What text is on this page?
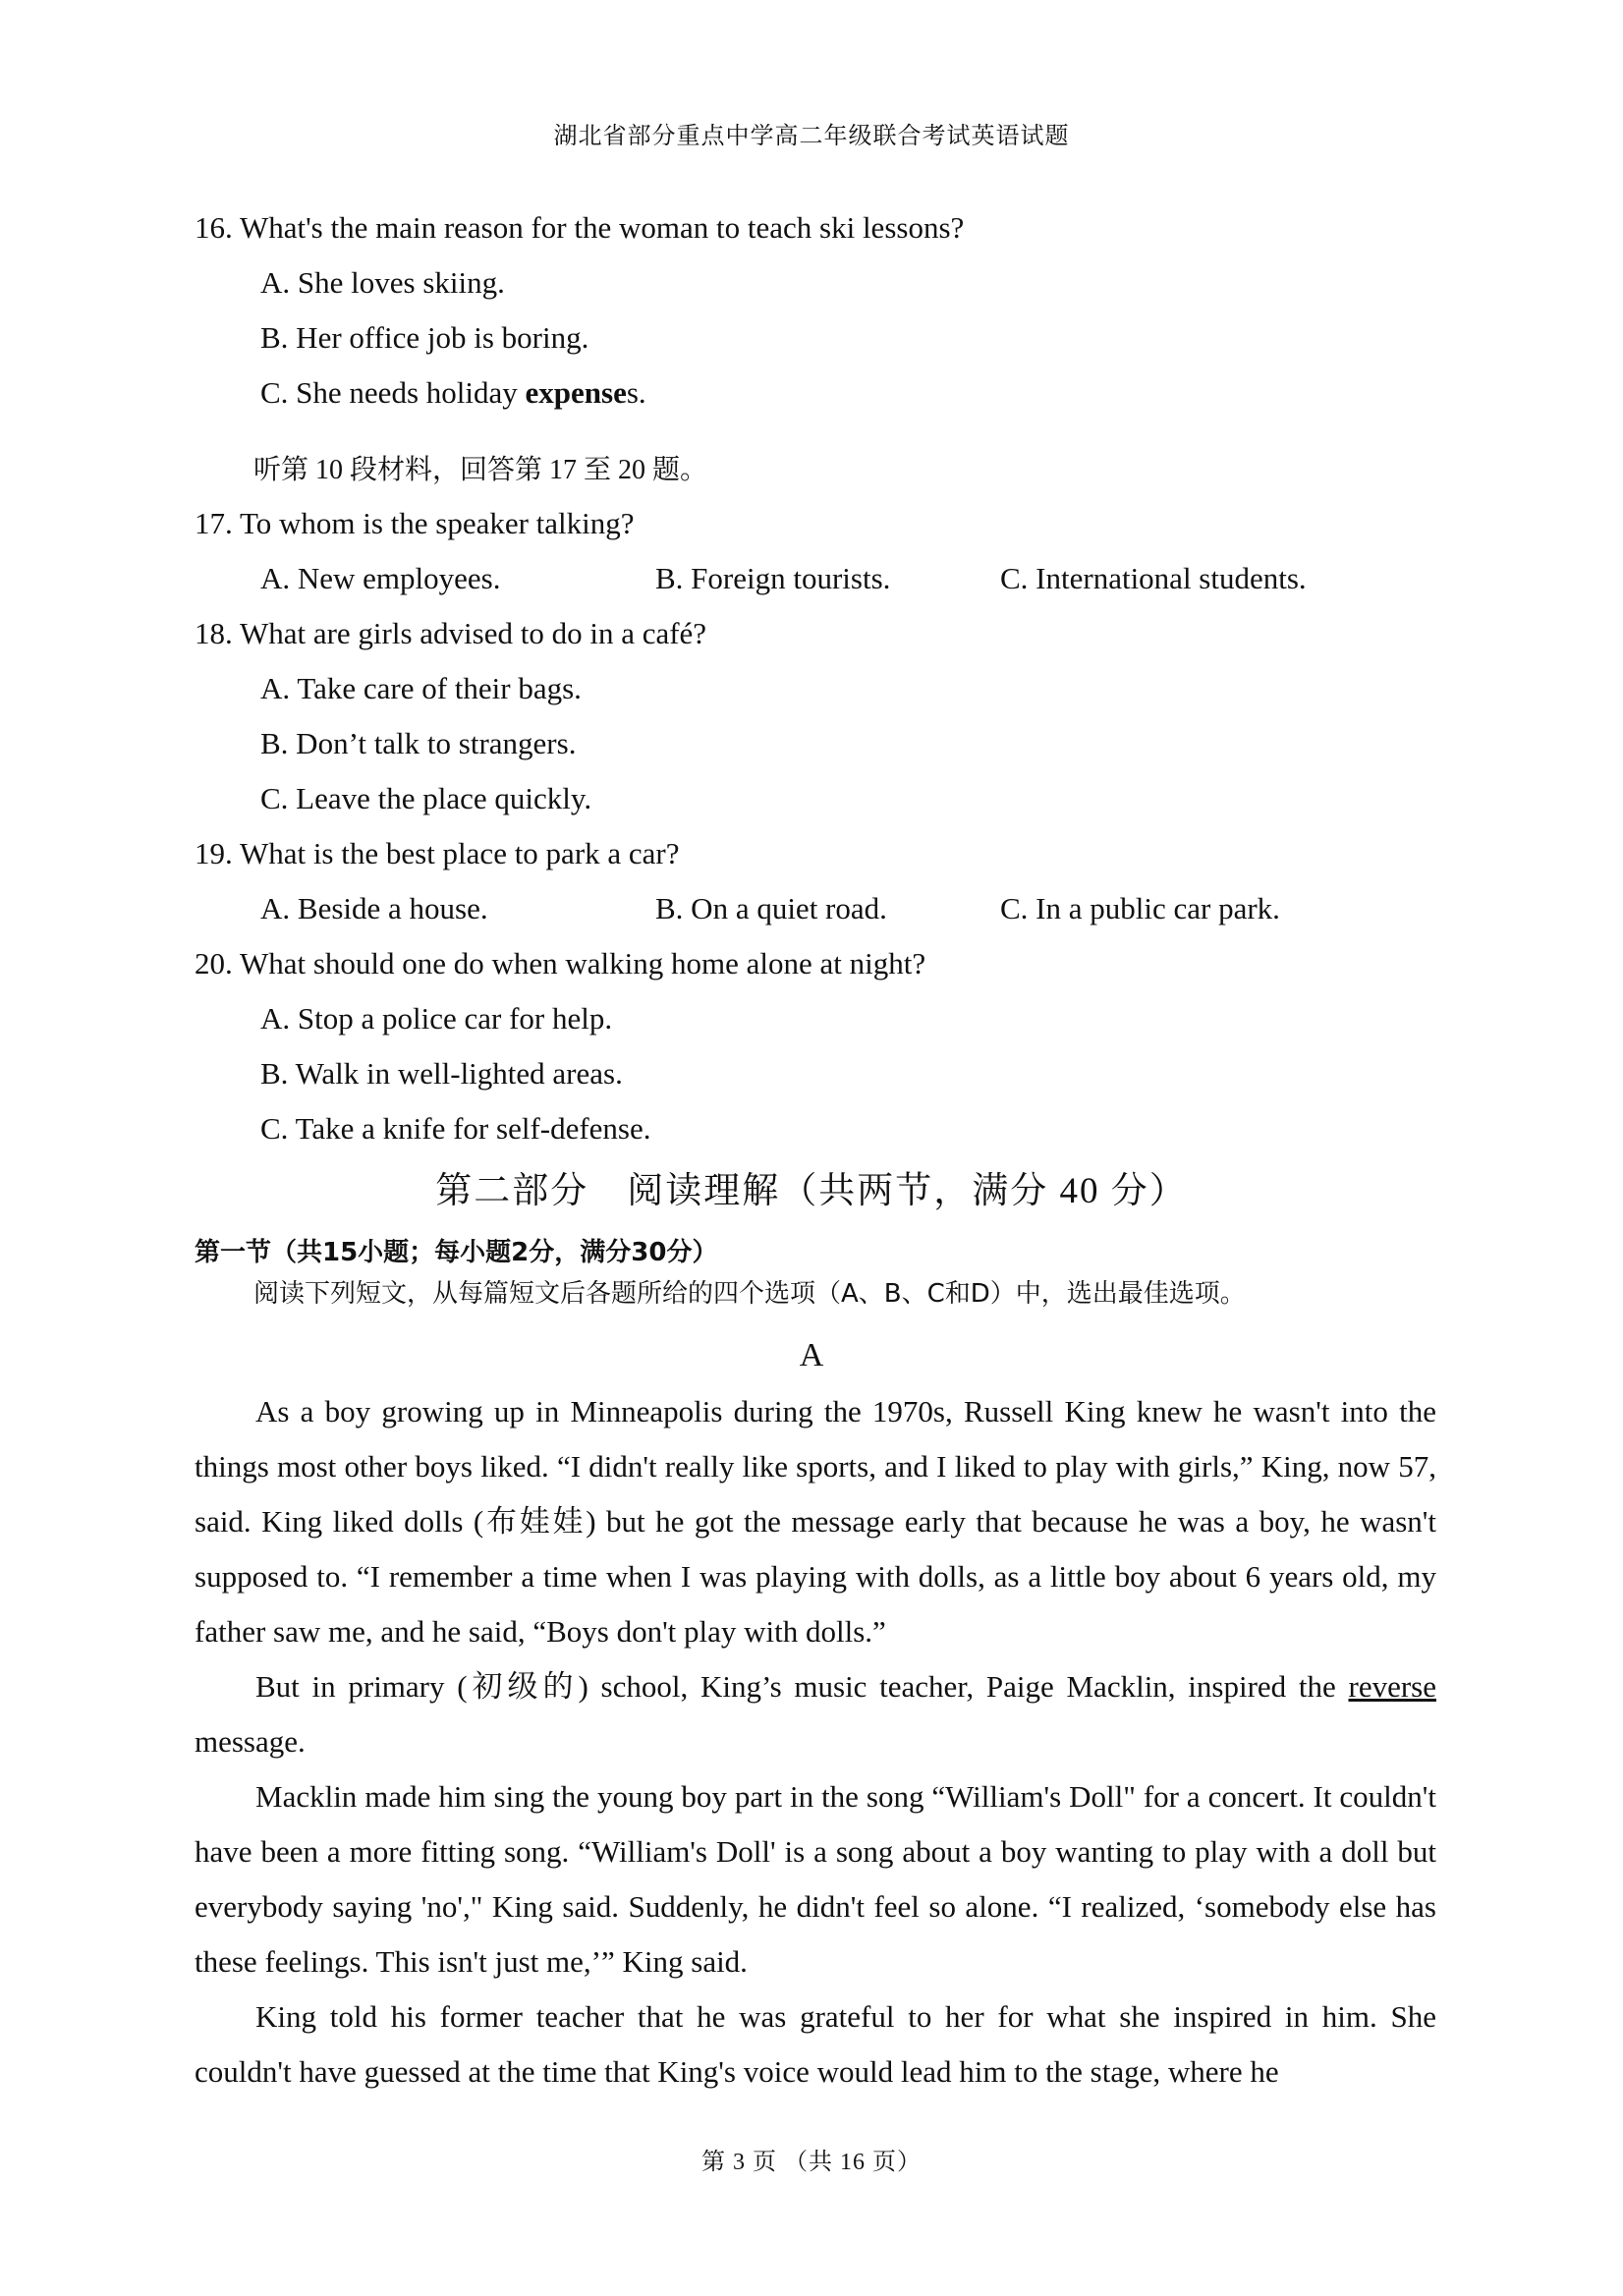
湖北省部分重点中学高二年级联合考试英语试题
16. What's the main reason for the woman to teach ski lessons?
A. She loves skiing.
B. Her office job is boring.
C. She needs holiday expenses.
听第 10 段材料，回答第 17 至 20 题。
17. To whom is the speaker talking?
A. New employees.	B. Foreign tourists.	C. International students.
18. What are girls advised to do in a café?
A. Take care of their bags.
B. Don’t talk to strangers.
C. Leave the place quickly.
19. What is the best place to park a car?
A. Beside a house.	B. On a quiet road.	C. In a public car park.
20. What should one do when walking home alone at night?
A. Stop a police car for help.
B. Walk in well-lighted areas.
C. Take a knife for self-defense.
第二部分　阅读理解（共两节，满分 40 分）
第一节（共15小题；每小题2分，满分30分）
阅读下列短文，从每篇短文后各题所给的四个选项（A、B、C和D）中，选出最佳选项。
A

As a boy growing up in Minneapolis during the 1970s, Russell King knew he wasn't into the things most other boys liked. “I didn't really like sports, and I liked to play with girls,” King, now 57, said. King liked dolls (布娃娃) but he got the message early that because he was a boy, he wasn't supposed to. “I remember a time when I was playing with dolls, as a little boy about 6 years old, my father saw me, and he said, “Boys don't play with dolls.”

But in primary (初级的) school, King’s music teacher, Paige Macklin, inspired the reverse message.

Macklin made him sing the young boy part in the song “William's Doll" for a concert. It couldn't have been a more fitting song. “William's Doll' is a song about a boy wanting to play with a doll but everybody saying 'no'," King said. Suddenly, he didn't feel so alone. “I realized, ‘somebody else has these feelings. This isn't just me,’” King said.

King told his former teacher that he was grateful to her for what she inspired in him. She couldn't have guessed at the time that King's voice would lead him to the stage, where he

第 3 页 （共 16 页）
